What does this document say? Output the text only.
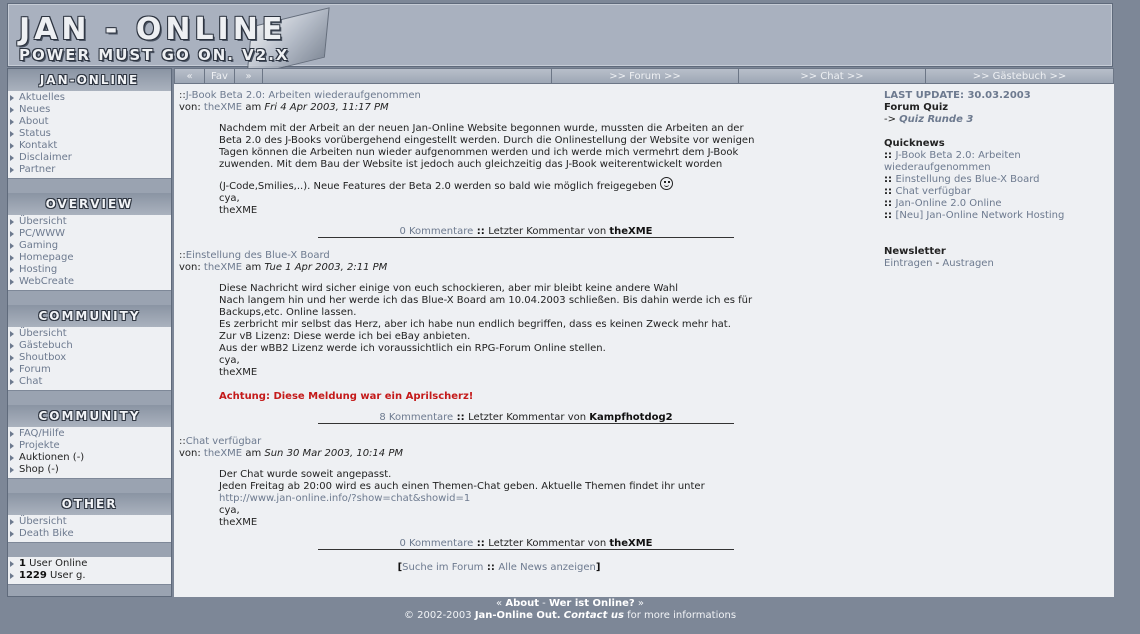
JAN - ONLINE
POWER MUST GO ON. V2.X
JAN-ONLINE
Aktuelles
Neues
About
Status
Kontakt
Disclaimer
Partner
OVERVIEW
Übersicht
PC/WWW
Gaming
Homepage
Hosting
WebCreate
COMMUNITY
Übersicht
Gästebuch
Shoutbox
Forum
Chat
COMMUNITY
FAQ/Hilfe
Projekte
Auktionen (-)
Shop (-)
OTHER
Übersicht
Death Bike
1 User Online
1229 User g.
«	Fav	»	>> Forum >>	>> Chat >>	>> Gästebuch >>
::J-Book Beta 2.0: Arbeiten wiederaufgenommen
von: theXME am Fri 4 Apr 2003, 11:17 PM
Nachdem mit der Arbeit an der neuen Jan-Online Website begonnen wurde, mussten die Arbeiten an der
Beta 2.0 des J-Books vorübergehend eingestellt werden. Durch die Onlinestellung der Website vor wenigen
Tagen können die Arbeiten nun wieder aufgenommen werden und ich werde mich vermehrt dem J-Book
zuwenden. Mit dem Bau der Website ist jedoch auch gleichzeitig das J-Book weiterentwickelt worden
(J-Code,Smilies,..). Neue Features der Beta 2.0 werden so bald wie möglich freigegeben
cya,
theXME
0 Kommentare :: Letzter Kommentar von theXME
::Einstellung des Blue-X Board
von: theXME am Tue 1 Apr 2003, 2:11 PM
Diese Nachricht wird sicher einige von euch schockieren, aber mir bleibt keine andere Wahl
Nach langem hin und her werde ich das Blue-X Board am 10.04.2003 schließen. Bis dahin werde ich es für
Backups,etc. Online lassen.
Es zerbricht mir selbst das Herz, aber ich habe nun endlich begriffen, dass es keinen Zweck mehr hat.
Zur vB Lizenz: Diese werde ich bei eBay anbieten.
Aus der wBB2 Lizenz werde ich voraussichtlich ein RPG-Forum Online stellen.
cya,
theXME
Achtung: Diese Meldung war ein Aprilscherz!
8 Kommentare :: Letzter Kommentar von Kampfhotdog2
::Chat verfügbar
von: theXME am Sun 30 Mar 2003, 10:14 PM
Der Chat wurde soweit angepasst.
Jeden Freitag ab 20:00 wird es auch einen Themen-Chat geben. Aktuelle Themen findet ihr unter
http://www.jan-online.info/?show=chat&showid=1
cya,
theXME
0 Kommentare :: Letzter Kommentar von theXME
[Suche im Forum :: Alle News anzeigen]
LAST UPDATE: 30.03.2003
Forum Quiz
-> Quiz Runde 3
Quicknews
:: J-Book Beta 2.0: Arbeiten wiederaufgenommen
:: Einstellung des Blue-X Board
:: Chat verfügbar
:: Jan-Online 2.0 Online
:: [Neu] Jan-Online Network Hosting
Newsletter
Eintragen - Austragen
« About - Wer ist Online? »
© 2002-2003 Jan-Online Out. Contact us for more informations
